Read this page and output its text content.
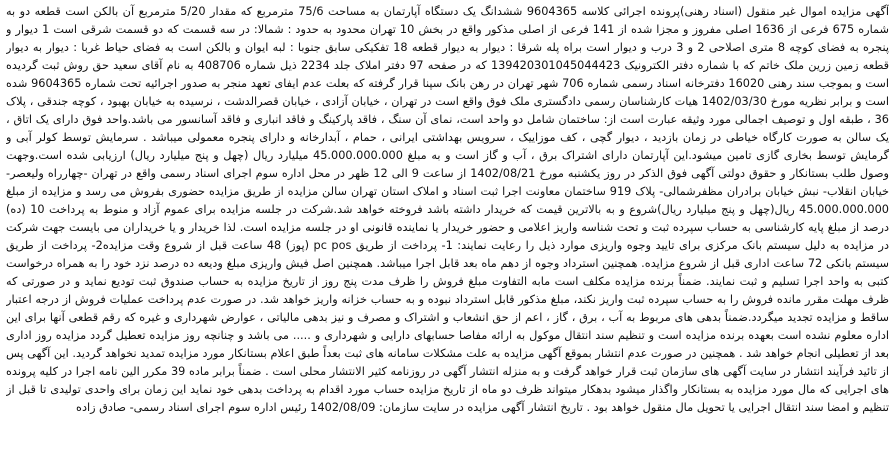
آگهی مزایده اموال غیر منقول (اسناد رهنی)پرونده اجرائی کلاسه 9604365 ششدانگ یک دستگاه آپارتمان به مساحت 75/6 مترمربع که مقدار 5/20 مترمربع آن بالکن است قطعه دو به شماره 675 فرعی از 1636 اصلی مفروز و مجزا شده از 141 فرعی از اصلی مذکور واقع در بخش 10 تهران محدود به حدود : شمالا: در سه قسمت که دو قسمت شرقی است 1 دیوار و پنجره به فضای کوچه 8 متری اصلاحی 2 و 3 درب و دیوار است براه پله شرقا : دیوار به دیوار قطعه 18 تفکیکی سابق جنوبا : لبه ایوان و بالکن است به فضای حیاط غربا : دیوار به دیوار قطعه زمین زرین ملک خاتم که با شماره دفتر الکترونیک 139420301045044423 که در صفحه 97 دفتر املاک جلد 2234 ذیل شماره 408706 به نام آقای سعید حق روش ثبت گردیده است و بموجب سند رهنی 16020 دفترخانه اسناد رسمی شماره 706 شهر تهران در رهن بانک سپنا قرار گرفته که بعلت عدم ایفای تعهد منجر به صدور اجرائیه تحت شماره 9604365 شده است و برابر نظریه مورخ 1402/03/30 هیات کارشناسان رسمی دادگستری ملک فوق واقع است در تهران ، خیابان آزادی ، خیابان قصرالدشت ، نرسیده به خیابان بهبود ، کوچه جندقی ، پلاک 36 ، طبقه اول و توصیف اجمالی مورد وثیقه عبارت است از: ساختمان شامل دو واحد است، نمای آن سنگ ، فاقد پارکینگ و فاقد انباری و فاقد آسانسور می باشد.واحد فوق دارای یک اتاق ، یک سالن به صورت کارگاه خیاطی در زمان بازدید ، دیوار گچی ، کف موزاییک ، سرویس بهداشتی ایرانی ، حمام ، آبدارخانه و دارای پنجره معمولی میباشد . سرمایش توسط کولر آبی و گرمایش توسط بخاری گازی تامین میشود.این آپارتمان دارای اشتراک برق ، آب و گاز است و به مبلغ 45.000.000.000 میلیارد ریال (چهل و پنج میلیارد ریال) ارزیابی شده است.وجهت وصول طلب بستانکار و حقوق دولتی آگهی فوق الذکر در روز یکشنبه مورخ 1402/08/21 از ساعت 9 الی 12 ظهر در محل اداره سوم اجرای اسناد رسمی واقع در تهران -چهارراه ولیعصر- خیابان انقلاب- نبش خیابان برادران مظفرشمالی- پلاک 919 ساختمان معاونت اجرا ثبت اسناد و املاک استان تهران سالن مزایده از طریق مزایده حضوری بفروش می رسد و مزایده از مبلغ 45.000.000.000 ریال(چهل و پنج میلیارد ریال)شروع و به بالاترین قیمت که خریدار داشته باشد فروخته خواهد شد.شرکت در جلسه مزایده برای عموم آزاد و منوط به پرداخت 10 (ده) درصد از مبلغ پایه کارشناسی به حساب سپرده ثبت و تحت شناسه واریز اعلامی و حضور خریدار یا نماینده قانونی او در جلسه مزایده است. لذا خریدار و یا خریداران می بایست جهت شرکت در مزایده به دلیل سیستم بانک مرکزی برای تایید وجوه واریزی موارد ذیل را رعایت نمایند: 1- پرداخت از طریق pc pos (پوز) 48 ساعت قبل از شروع وقت مزایده2- پرداخت از طریق سیستم بانکی 72 ساعت اداری قبل از شروع مزایده. همچنین استرداد وجوه از دهم ماه بعد قابل اجرا میباشد. همچنین اصل فیش واریزی مبلغ ودیعه ده درصد نزد خود را به همراه درخواست کتبی به واحد اجرا تسلیم و ثبت نمایند. ضمناً برنده مزایده مکلف است مابه التفاوت مبلغ فروش را ظرف مدت پنج روز از تاریخ مزایده به حساب صندوق ثبت تودیع نماید و در صورتی که ظرف مهلت مقرر مانده فروش را به حساب سپرده ثبت واریز نکند، مبلغ مذکور قابل استرداد نبوده و به حساب خزانه واریز خواهد شد. در صورت عدم پرداخت عملیات فروش از درجه اعتبار ساقط و مزایده تجدید میگردد.ضمناً بدهی های مربوط به آب ، برق ، گاز ، اعم از حق انشعاب و اشتراک و مصرف و نیز بدهی مالیاتی ، عوارض شهرداری و غیره که رقم قطعی آنها برای این اداره معلوم نشده است بعهده برنده مزایده است و تنظیم سند انتقال موکول به ارائه مفاصا حسابهای دارایی و شهرداری و ..... می باشد و چنانچه روز مزایده تعطیل گردد مزایده روز اداری بعد از تعطیلی انجام خواهد شد . همچنین در صورت عدم انتشار بموقع آگهی مزایده به علت مشکلات سامانه های ثبت بعداً طبق اعلام بستانکار مورد مزایده تمدید نخواهد گردید. این آگهی پس از تائید فرآیند انتشار در سایت آگهی های سازمان ثبت قرار خواهد گرفت و به منزله انتشار آگهی در روزنامه کثیر الانتشار محلی است . ضمناً برابر ماده 39 مکرر الین نامه اجرا در کلیه پرونده های اجرایی که مال مورد مزایده به بستانکار واگذار میشود بدهکار میتواند ظرف دو ماه از تاریخ مزایده حساب مورد اقدام به پرداخت بدهی خود نماید این زمان برای واحدی تولیدی تا قبل از تنظیم و امضا سند انتقال اجرایی یا تحویل مال منقول خواهد بود . تاریخ انتشار آگهی مزایده در سایت سازمان: 1402/08/09 رئیس اداره سوم اجرای اسناد رسمی- صادق زاده
